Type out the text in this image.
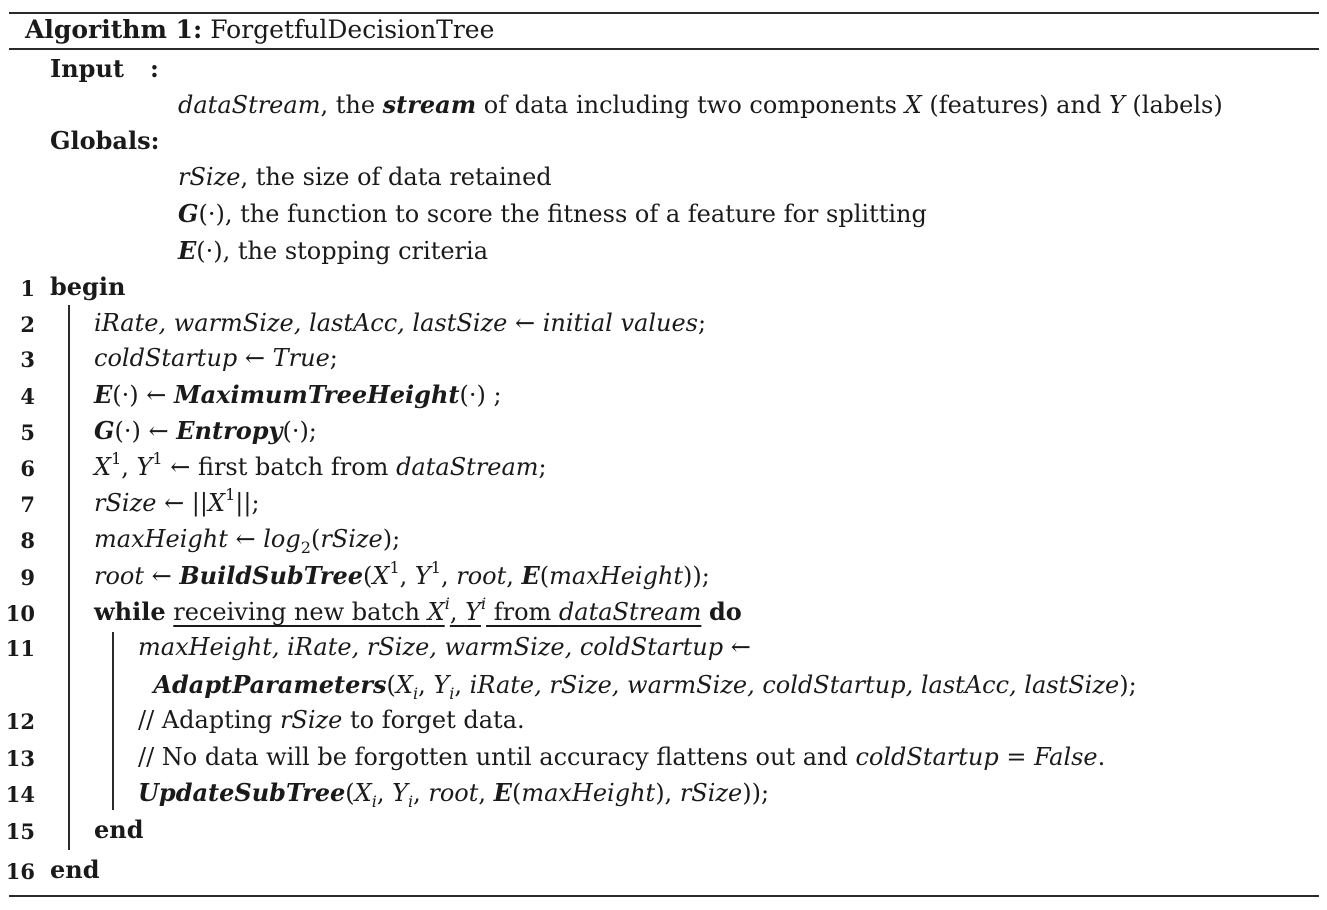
Algorithm 1: ForgetfulDecisionTree
Input :
dataStream, the stream of data including two components X (features) and Y (labels)
Globals:
rSize, the size of data retained
G(·), the function to score the fitness of a feature for splitting
E(·), the stopping criteria
1 begin
2 iRate, warmSize, lastAcc, lastSize ← initial values;
3 coldStartup ← True;
4 E(·) ← MaximumTreeHeight(·) ;
5 G(·) ← Entropy(·);
6 $X^1$, $Y^1$ ← first batch from dataStream;
7 rSize ← $||X^1||$;
8 maxHeight ← $\log_2(rSize)$;
9 root ← $BuildSubTree(X^1$, $Y^1$, root, E(maxHeight));
10 while receiving new batch $X^i$, $Y^i$ from dataStream do
11	maxHeight, iRate, rSize, warmSize, coldStartup ←
$AdaptParameters(X_i$, $Y_i$, iRate, rSize, warmSize, coldStartup, lastAcc, lastSize);
12	// Adapting rSize to forget data.
13	// No data will be forgotten until accuracy flattens out and coldStartup = False.
14	$UpdateSubTree(X_i$, $Y_i$, root, E(maxHeight), rSize));
15 end
16 end
